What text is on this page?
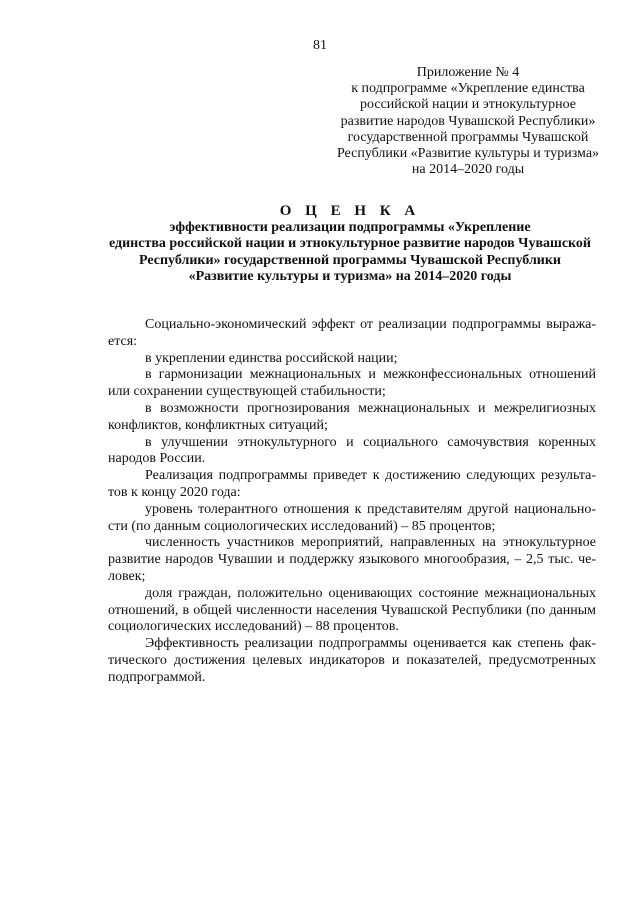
81
Приложение № 4
к подпрограмме «Укрепление единства
российской нации и этнокультурное
развитие народов Чувашской Республики»
государственной программы Чувашской
Республики «Развитие культуры и туризма»
на 2014–2020 годы
О Ц Е Н К А
эффективности реализации подпрограммы «Укрепление
единства российской нации и этнокультурное развитие народов Чувашской
Республики» государственной программы Чувашской Республики
«Развитие культуры и туризма» на 2014–2020 годы

Социально-экономический эффект от реализации подпрограммы выража-ется:

в укреплении единства российской нации;

в гармонизации межнациональных и межконфессиональных отношений или сохранении существующей стабильности;

в возможности прогнозирования межнациональных и межрелигиозных конфликтов, конфликтных ситуаций;

в улучшении этнокультурного и социального самочувствия коренных народов России.

Реализация подпрограммы приведет к достижению следующих результа-тов к концу 2020 года:

уровень толерантного отношения к представителям другой национально-сти (по данным социологических исследований) – 85 процентов;

численность участников мероприятий, направленных на этнокультурное развитие народов Чувашии и поддержку языкового многообразия, – 2,5 тыс. че-ловек;

доля граждан, положительно оценивающих состояние межнациональных отношений, в общей численности населения Чувашской Республики (по данным социологических исследований) – 88 процентов.

Эффективность реализации подпрограммы оценивается как степень фак-тического достижения целевых индикаторов и показателей, предусмотренных подпрограммой.
